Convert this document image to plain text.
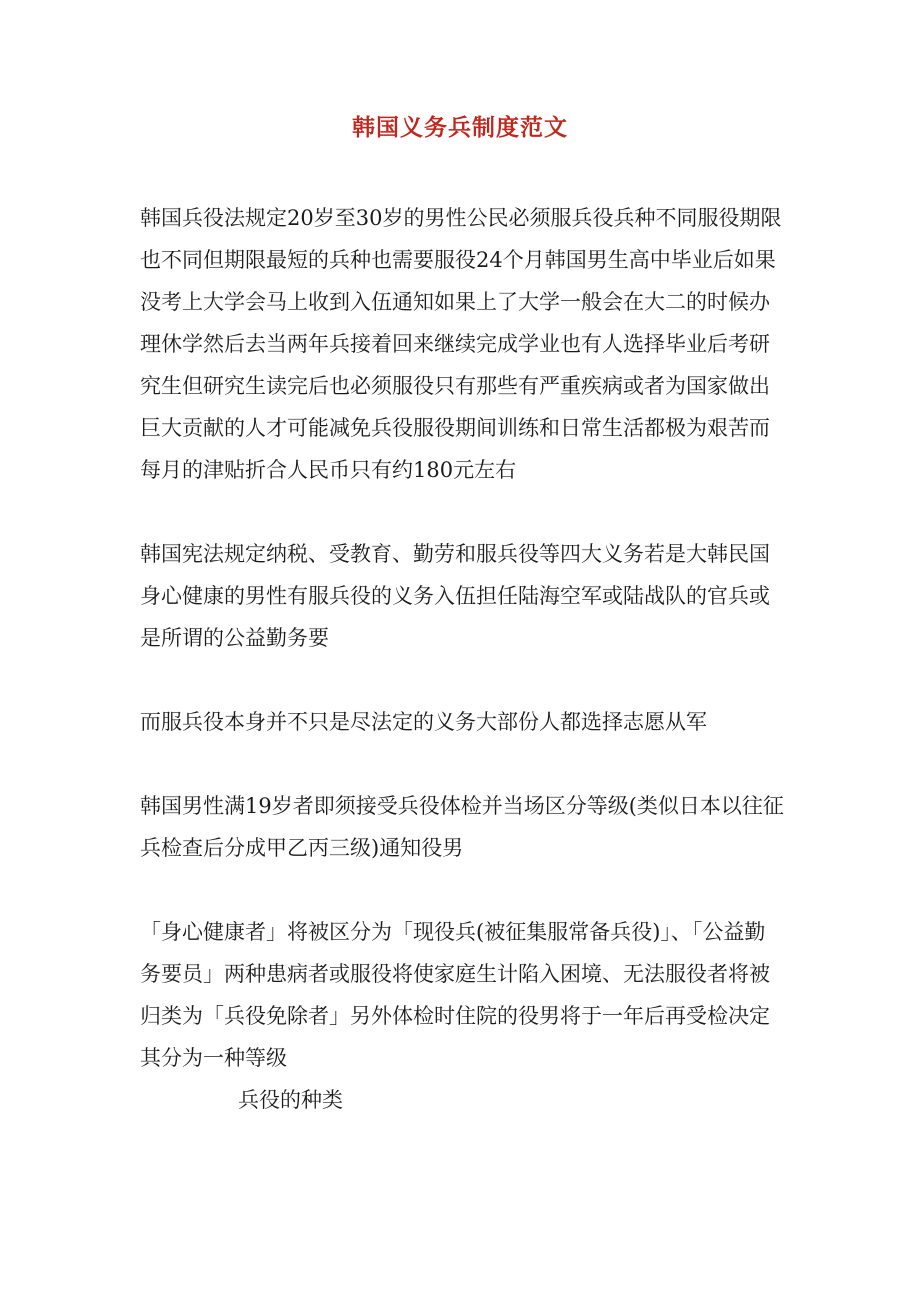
韩国义务兵制度范文

韩国兵役法规定20岁至30岁的男性公民必须服兵役兵种不同服役期限也不同但期限最短的兵种也需要服役24个月韩国男生高中毕业后如果没考上大学会马上收到入伍通知如果上了大学一般会在大二的时候办理休学然后去当两年兵接着回来继续完成学业也有人选择毕业后考研究生但研究生读完后也必须服役只有那些有严重疾病或者为国家做出巨大贡献的人才可能减免兵役服役期间训练和日常生活都极为艰苦而每月的津贴折合人民币只有约180元左右

韩国宪法规定纳税、受教育、勤劳和服兵役等四大义务若是大韩民国身心健康的男性有服兵役的义务入伍担任陆海空军或陆战队的官兵或是所谓的公益勤务要

而服兵役本身并不只是尽法定的义务大部份人都选择志愿从军

韩国男性满19岁者即须接受兵役体检并当场区分等级(类似日本以往征兵检查后分成甲乙丙三级)通知役男

「身心健康者」将被区分为「现役兵(被征集服常备兵役)」、「公益勤务要员」两种患病者或服役将使家庭生计陷入困境、无法服役者将被归类为「兵役免除者」另外体检时住院的役男将于一年后再受检决定其分为一种等级

兵役的种类
